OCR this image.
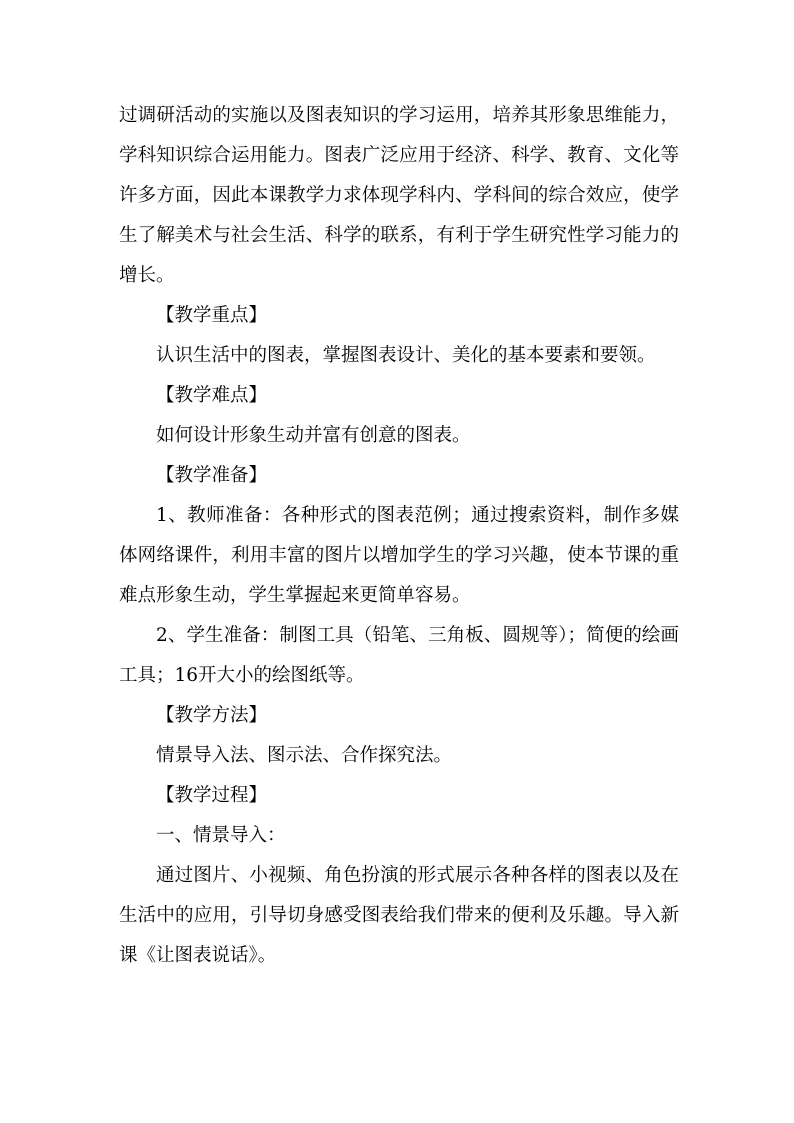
过调研活动的实施以及图表知识的学习运用，培养其形象思维能力，学科知识综合运用能力。图表广泛应用于经济、科学、教育、文化等许多方面，因此本课教学力求体现学科内、学科间的综合效应，使学生了解美术与社会生活、科学的联系，有利于学生研究性学习能力的增长。

【教学重点】

认识生活中的图表，掌握图表设计、美化的基本要素和要领。

【教学难点】

如何设计形象生动并富有创意的图表。

【教学准备】

1、教师准备：各种形式的图表范例；通过搜索资料，制作多媒体网络课件，利用丰富的图片以增加学生的学习兴趣，使本节课的重难点形象生动，学生掌握起来更简单容易。

2、学生准备：制图工具（铅笔、三角板、圆规等）；简便的绘画工具；16开大小的绘图纸等。

【教学方法】

情景导入法、图示法、合作探究法。

【教学过程】

一、情景导入：

通过图片、小视频、角色扮演的形式展示各种各样的图表以及在生活中的应用，引导切身感受图表给我们带来的便利及乐趣。导入新课《让图表说话》。
